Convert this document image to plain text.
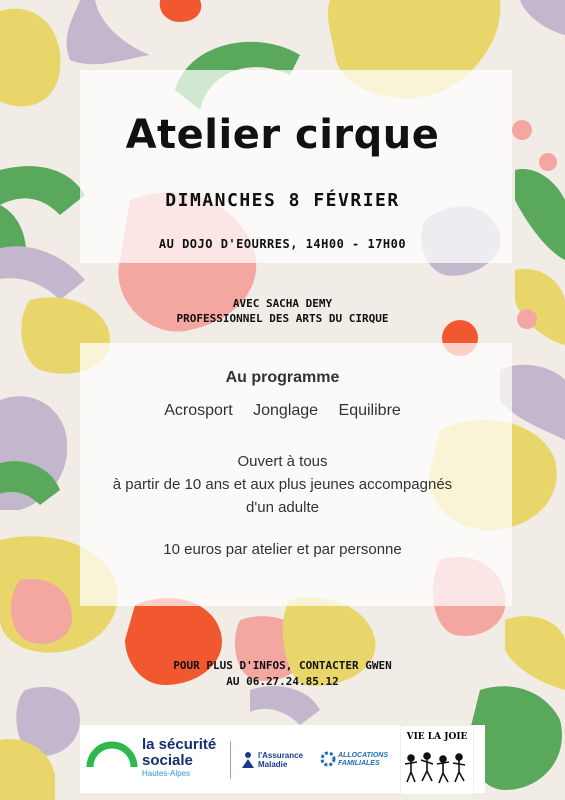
Atelier cirque
DIMANCHES 8 FÉVRIER
AU DOJO D'EOURRES, 14H00 - 17H00
AVEC SACHA DEMY
PROFESSIONNEL DES ARTS DU CIRQUE
Au programme
Acrosport Jonglage Equilibre
Ouvert à tous
à partir de 10 ans et aux plus jeunes accompagnés
d'un adulte
10 euros par atelier et par personne
POUR PLUS D'INFOS, CONTACTER GWEN
AU 06.27.24.85.12
la sécurité
sociale
Hautes-Alpes
l'Assurance
Maladie
ALLOCATIONS
FAMILIALES
VIE LA JOIE
